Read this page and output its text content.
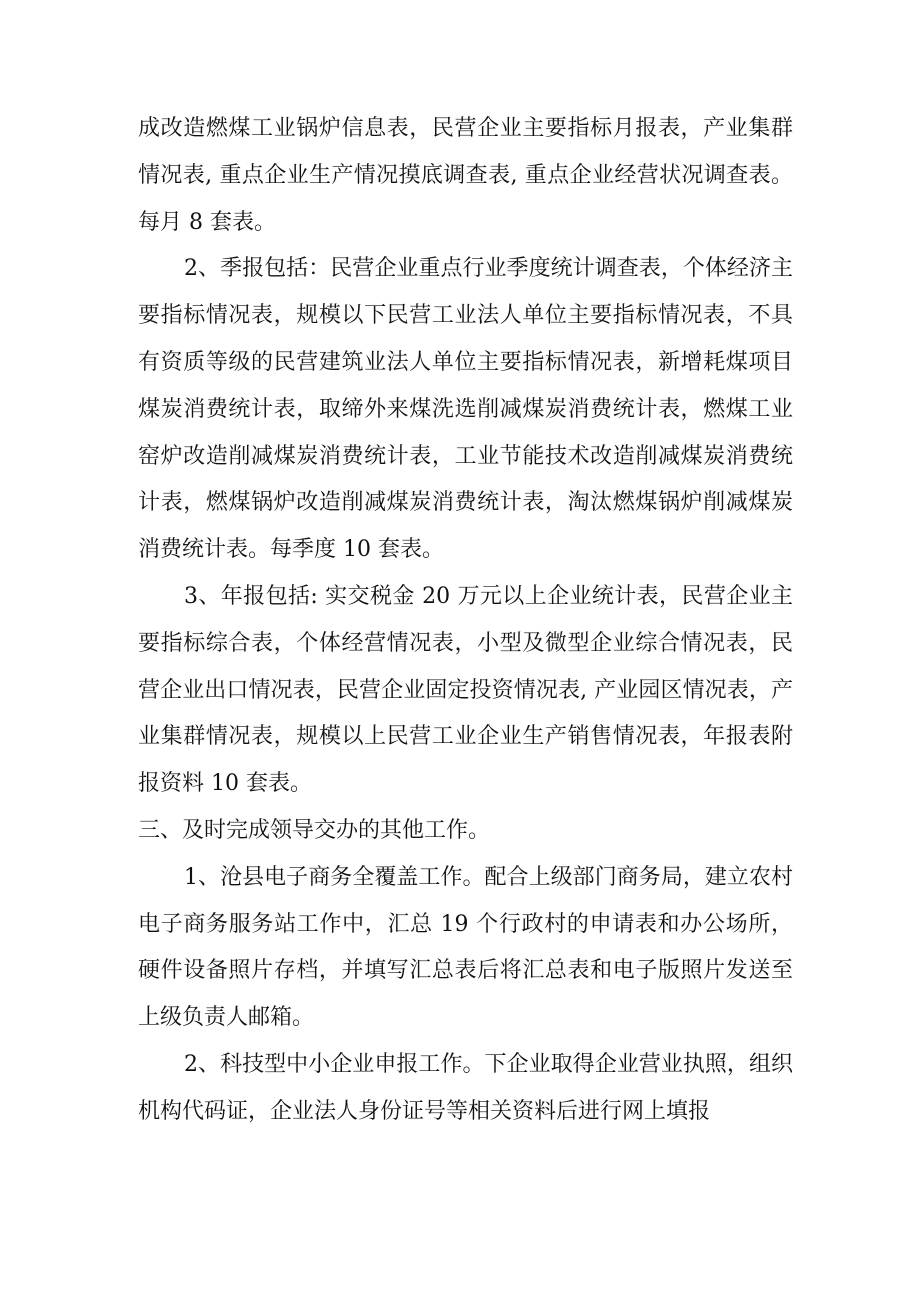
成改造燃煤工业锅炉信息表，民营企业主要指标月报表，产业集群情况表, 重点企业生产情况摸底调查表, 重点企业经营状况调查表。每月 8 套表。

2、季报包括：民营企业重点行业季度统计调查表，个体经济主要指标情况表，规模以下民营工业法人单位主要指标情况表，不具有资质等级的民营建筑业法人单位主要指标情况表，新增耗煤项目煤炭消费统计表，取缔外来煤洗选削减煤炭消费统计表，燃煤工业窑炉改造削减煤炭消费统计表，工业节能技术改造削减煤炭消费统计表，燃煤锅炉改造削减煤炭消费统计表，淘汰燃煤锅炉削减煤炭消费统计表。每季度 10 套表。

3、年报包括: 实交税金 20 万元以上企业统计表，民营企业主要指标综合表，个体经营情况表，小型及微型企业综合情况表，民营企业出口情况表，民营企业固定投资情况表, 产业园区情况表，产业集群情况表，规模以上民营工业企业生产销售情况表，年报表附报资料 10 套表。

三、及时完成领导交办的其他工作。

1、沧县电子商务全覆盖工作。配合上级部门商务局，建立农村电子商务服务站工作中，汇总 19 个行政村的申请表和办公场所，硬件设备照片存档，并填写汇总表后将汇总表和电子版照片发送至上级负责人邮箱。

2、科技型中小企业申报工作。下企业取得企业营业执照，组织机构代码证，企业法人身份证号等相关资料后进行网上填报
